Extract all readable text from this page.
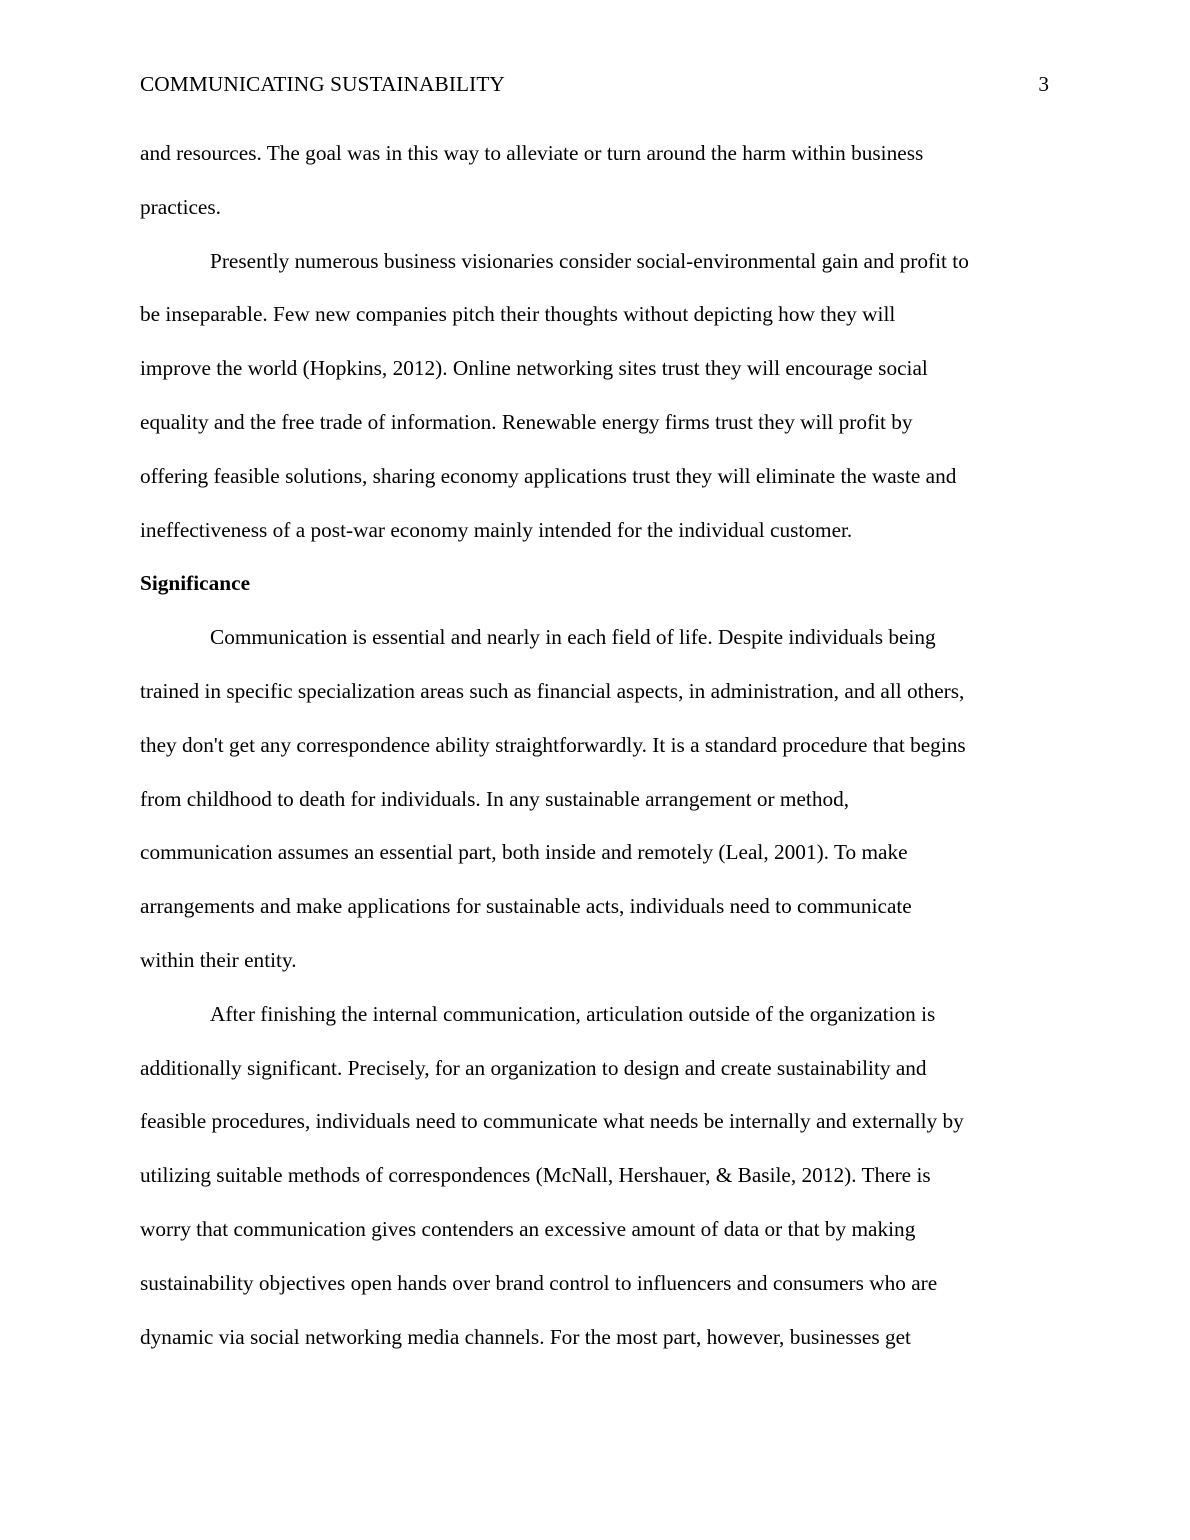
COMMUNICATING SUSTAINABILITY	3

and resources. The goal was in this way to alleviate or turn around the harm within business
practices.

Presently numerous business visionaries consider social-environmental gain and profit to
be inseparable. Few new companies pitch their thoughts without depicting how they will
improve the world (Hopkins, 2012). Online networking sites trust they will encourage social
equality and the free trade of information. Renewable energy firms trust they will profit by
offering feasible solutions, sharing economy applications trust they will eliminate the waste and
ineffectiveness of a post-war economy mainly intended for the individual customer.

Significance

Communication is essential and nearly in each field of life. Despite individuals being
trained in specific specialization areas such as financial aspects, in administration, and all others,
they don't get any correspondence ability straightforwardly. It is a standard procedure that begins
from childhood to death for individuals. In any sustainable arrangement or method,
communication assumes an essential part, both inside and remotely (Leal, 2001). To make
arrangements and make applications for sustainable acts, individuals need to communicate
within their entity.

After finishing the internal communication, articulation outside of the organization is
additionally significant. Precisely, for an organization to design and create sustainability and
feasible procedures, individuals need to communicate what needs be internally and externally by
utilizing suitable methods of correspondences (McNall, Hershauer, & Basile, 2012). There is
worry that communication gives contenders an excessive amount of data or that by making
sustainability objectives open hands over brand control to influencers and consumers who are
dynamic via social networking media channels. For the most part, however, businesses get
